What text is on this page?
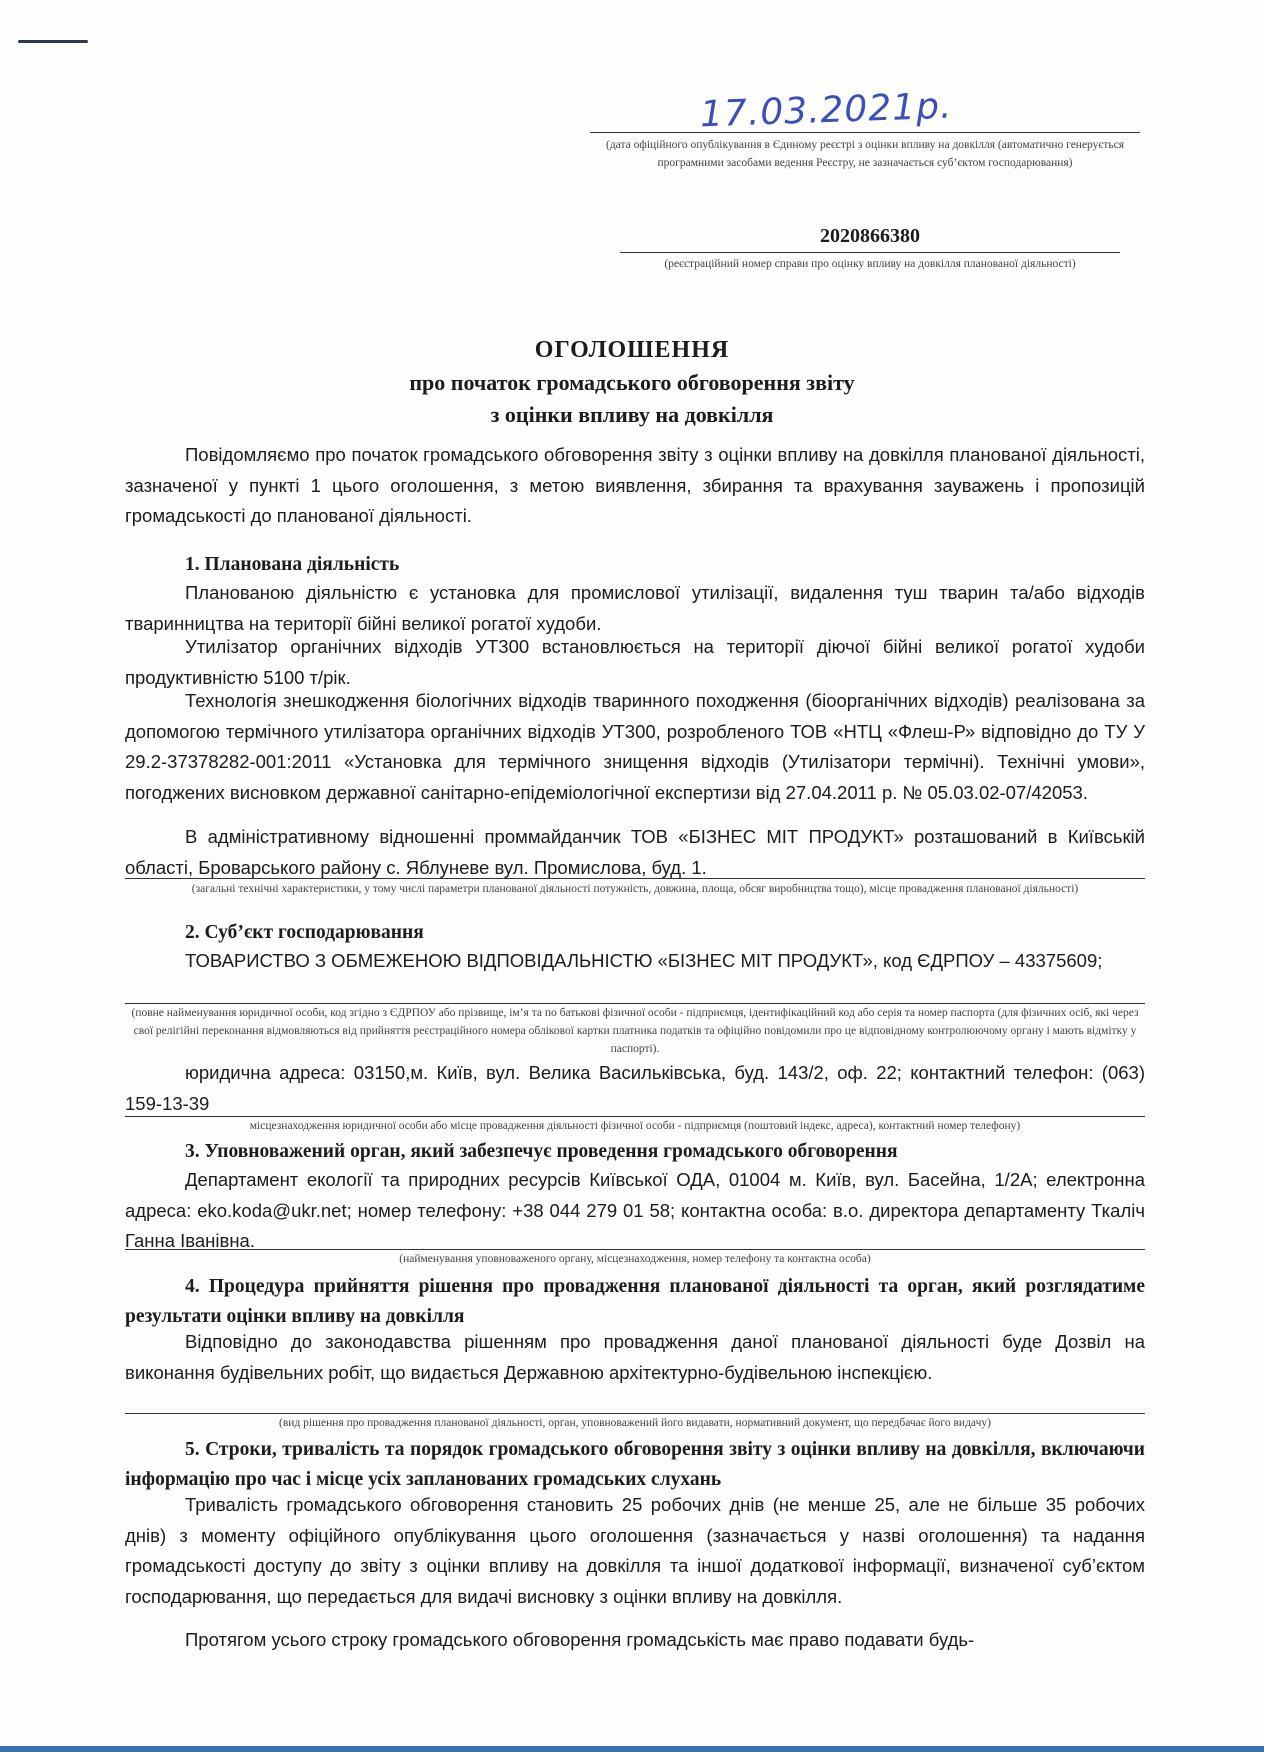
17.03.2021р.
(дата офіційного опублікування в Єдиному реєстрі з оцінки впливу на довкілля (автоматично генерується програмними засобами ведення Реєстру, не зазначається суб’єктом господарювання)
2020866380
(реєстраційний номер справи про оцінку впливу на довкілля планованої діяльності)
ОГОЛОШЕННЯ
про початок громадського обговорення звіту
з оцінки впливу на довкілля

Повідомляємо про початок громадського обговорення звіту з оцінки впливу на довкілля планованої діяльності, зазначеної у пункті 1 цього оголошення, з метою виявлення, збирання та врахування зауважень і пропозицій громадськості до планованої діяльності.

1. Планована діяльність

Планованою діяльністю є установка для промислової утилізації, видалення туш тварин та/або відходів тваринництва на території бійні великої рогатої худоби.

Утилізатор органічних відходів УТ300 встановлюється на території діючої бійні великої рогатої худоби продуктивністю 5100 т/рік.

Технологія знешкодження біологічних відходів тваринного походження (біоорганічних відходів) реалізована за допомогою термічного утилізатора органічних відходів УТ300, розробленого ТОВ «НТЦ «Флеш-Р» відповідно до ТУ У 29.2-37378282-001:2011 «Установка для термічного знищення відходів (Утилізатори термічні). Технічні умови», погоджених висновком державної санітарно-епідеміологічної експертизи від 27.04.2011 р. № 05.03.02-07/42053.

В адміністративному відношенні проммайданчик ТОВ «БІЗНЕС МІТ ПРОДУКТ» розташований в Київській області, Броварського району с. Яблуневе вул. Промислова, буд. 1.

(загальні технічні характеристики, у тому числі параметри планованої діяльності потужність, довжина, площа, обсяг виробництва тощо), місце провадження планованої діяльності)
2. Суб’єкт господарювання

ТОВАРИСТВО З ОБМЕЖЕНОЮ ВІДПОВІДАЛЬНІСТЮ «БІЗНЕС МІТ ПРОДУКТ», код ЄДРПОУ – 43375609;

(повне найменування юридичної особи, код згідно з ЄДРПОУ або прізвище, ім’я та по батькові фізичної особи - підприємця, ідентифікаційний код або серія та номер паспорта (для фізичних осіб, які через свої релігійні переконання відмовляються від прийняття реєстраційного номера облікової картки платника податків та офіційно повідомили про це відповідному контролюючому органу і мають відмітку у паспорті).

юридична адреса: 03150,м. Київ, вул. Велика Васильківська, буд. 143/2, оф. 22; контактний телефон: (063) 159-13-39

місцезнаходження юридичної особи або місце провадження діяльності фізичної особи - підприємця (поштовий індекс, адреса), контактний номер телефону)
3. Уповноважений орган, який забезпечує проведення громадського обговорення

Департамент екології та природних ресурсів Київської ОДА, 01004 м. Київ, вул. Басейна, 1/2А; електронна адреса: eko.koda@ukr.net; номер телефону: +38 044 279 01 58; контактна особа: в.о. директора департаменту Ткаліч Ганна Іванівна.

(найменування уповноваженого органу, місцезнаходження, номер телефону та контактна особа)
4. Процедура прийняття рішення про провадження планованої діяльності та орган, який розглядатиме результати оцінки впливу на довкілля

Відповідно до законодавства рішенням про провадження даної планованої діяльності буде Дозвіл на виконання будівельних робіт, що видається Державною архітектурно-будівельною інспекцією.

(вид рішення про провадження планованої діяльності, орган, уповноважений його видавати, нормативний документ, що передбачає його видачу)
5. Строки, тривалість та порядок громадського обговорення звіту з оцінки впливу на довкілля, включаючи інформацію про час і місце усіх запланованих громадських слухань

Тривалість громадського обговорення становить 25 робочих днів (не менше 25, але не більше 35 робочих днів) з моменту офіційного опублікування цього оголошення (зазначається у назві оголошення) та надання громадськості доступу до звіту з оцінки впливу на довкілля та іншої додаткової інформації, визначеної суб’єктом господарювання, що передається для видачі висновку з оцінки впливу на довкілля.

Протягом усього строку громадського обговорення громадськість має право подавати будь-
